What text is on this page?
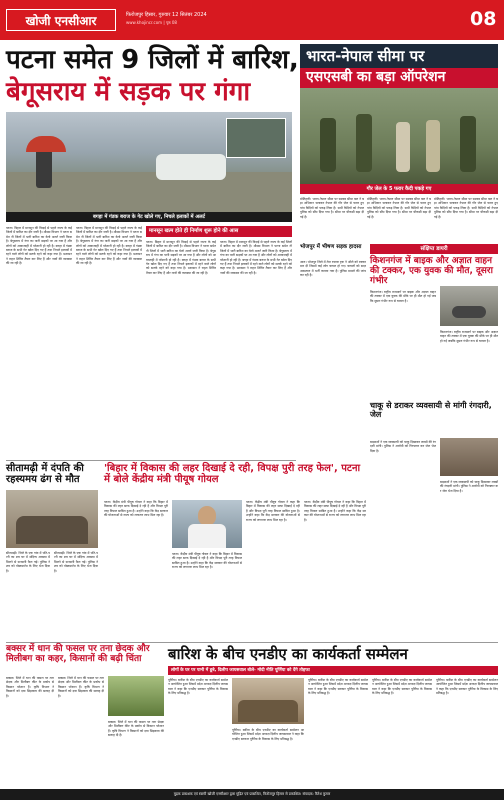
खोजी एनसीआर	फिरोजपुर हिसार, गुरुवार 12 सितंबर 2024
www.khojincr.com | पृष्ठ 08	08
पटना समेत 9 जिलों में बारिश,
बेगूसराय में सड़क पर गंगा
बगहा में गंडक बराज के गेट खोले गए, निचले इलाकों में अलर्ट
पटना। बिहार में मानसून की विदाई से पहले राज्य के कई जिलों में बारिश का दौर जारी है। मौसम विभाग ने पटना समेत नौ जिलों में भारी बारिश का येलो अलर्ट जारी किया है। बेगूसराय में गंगा का पानी सड़कों पर आ गया है और लोगों को आवाजाही में परेशानी हो रही है। बगहा में गंडक बराज के सभी गेट खोल दिए गए हैं तथा निचले इलाकों में रहने वाले लोगों को सतर्क रहने को कहा गया है। प्रशासन ने राहत शिविर तैयार कर लिए हैं और नावों की व्यवस्था की जा रही है।
पटना। बिहार में मानसून की विदाई से पहले राज्य के कई जिलों में बारिश का दौर जारी है। मौसम विभाग ने पटना समेत नौ जिलों में भारी बारिश का येलो अलर्ट जारी किया है। बेगूसराय में गंगा का पानी सड़कों पर आ गया है और लोगों को आवाजाही में परेशानी हो रही है। बगहा में गंडक बराज के सभी गेट खोल दिए गए हैं तथा निचले इलाकों में रहने वाले लोगों को सतर्क रहने को कहा गया है। प्रशासन ने राहत शिविर तैयार कर लिए हैं और नावों की व्यवस्था की जा रही है।
मानसून खत्म होते ही निर्माण शुरू होने की आस
पटना। बिहार में मानसून की विदाई से पहले राज्य के कई जिलों में बारिश का दौर जारी है। मौसम विभाग ने पटना समेत नौ जिलों में भारी बारिश का येलो अलर्ट जारी किया है। बेगूसराय में गंगा का पानी सड़कों पर आ गया है और लोगों को आवाजाही में परेशानी हो रही है। बगहा में गंडक बराज के सभी गेट खोल दिए गए हैं तथा निचले इलाकों में रहने वाले लोगों को सतर्क रहने को कहा गया है। प्रशासन ने राहत शिविर तैयार कर लिए हैं और नावों की व्यवस्था की जा रही है।
पटना। बिहार में मानसून की विदाई से पहले राज्य के कई जिलों में बारिश का दौर जारी है। मौसम विभाग ने पटना समेत नौ जिलों में भारी बारिश का येलो अलर्ट जारी किया है। बेगूसराय में गंगा का पानी सड़कों पर आ गया है और लोगों को आवाजाही में परेशानी हो रही है। बगहा में गंडक बराज के सभी गेट खोल दिए गए हैं तथा निचले इलाकों में रहने वाले लोगों को सतर्क रहने को कहा गया है। प्रशासन ने राहत शिविर तैयार कर लिए हैं और नावों की व्यवस्था की जा रही है।
भारत-नेपाल सीमा पर
एसएसबी का बड़ा ऑपरेशन
गौर जेल के 5 फरार कैदी पकड़े गए
मोतिहारी। भारत-नेपाल सीमा पर सशस्त्र सीमा बल ने बड़ा अभियान चलाकर नेपाल की गौर जेल से फरार हुए पांच कैदियों को पकड़ लिया है। सभी कैदियों को नेपाल पुलिस को सौंप दिया गया है। सीमा पर चौकसी बढ़ा दी गई है।
मोतिहारी। भारत-नेपाल सीमा पर सशस्त्र सीमा बल ने बड़ा अभियान चलाकर नेपाल की गौर जेल से फरार हुए पांच कैदियों को पकड़ लिया है। सभी कैदियों को नेपाल पुलिस को सौंप दिया गया है। सीमा पर चौकसी बढ़ा दी गई है।
मोतिहारी। भारत-नेपाल सीमा पर सशस्त्र सीमा बल ने बड़ा अभियान चलाकर नेपाल की गौर जेल से फरार हुए पांच कैदियों को पकड़ लिया है। सभी कैदियों को नेपाल पुलिस को सौंप दिया गया है। सीमा पर चौकसी बढ़ा दी गई है।
भोजपुर में भीषण सड़क हादसा
आरा। भोजपुर जिले में तेज रफ्तार ट्रक ने ऑटो को टक्कर मार दी जिसमें कई लोग घायल हो गए। घायलों को सदर अस्पताल में भर्ती कराया गया है। पुलिस मामले की जांच कर रही है।
संक्षिप्त डायरी
किशनगंज में बाइक और अज्ञात वाहन की टक्कर, एक युवक की मौत, दूसरा गंभीर
किशनगंज। राष्ट्रीय राजमार्ग पर बाइक और अज्ञात वाहन की टक्कर में एक युवक की मौके पर ही मौत हो गई जबकि दूसरा गंभीर रूप से घायल है।
किशनगंज। राष्ट्रीय राजमार्ग पर बाइक और अज्ञात वाहन की टक्कर में एक युवक की मौके पर ही मौत हो गई जबकि दूसरा गंभीर रूप से घायल है।
चाकू से डराकर व्यवसायी से मांगी रंगदारी, जेल
बदमाशों ने एक व्यवसायी को चाकू दिखाकर लाखों की रंगदारी मांगी। पुलिस ने आरोपी को गिरफ्तार कर जेल भेज दिया है।
बदमाशों ने एक व्यवसायी को चाकू दिखाकर लाखों की रंगदारी मांगी। पुलिस ने आरोपी को गिरफ्तार कर जेल भेज दिया है।
सीतामढ़ी में दंपति की रहस्यमय ढंग से मौत
सीतामढ़ी। जिले के एक गांव में पति-पत्नी का शव घर में संदिग्ध अवस्था में मिलने से सनसनी फैल गई। पुलिस ने शव को पोस्टमार्टम के लिए भेज दिया है।
सीतामढ़ी। जिले के एक गांव में पति-पत्नी का शव घर में संदिग्ध अवस्था में मिलने से सनसनी फैल गई। पुलिस ने शव को पोस्टमार्टम के लिए भेज दिया है।
'बिहार में विकास की लहर दिखाई दे रही, विपक्ष पुरी तरह फेल', पटना में बोले केंद्रीय मंत्री पीयूष गोयल
पटना। केंद्रीय मंत्री पीयूष गोयल ने कहा कि बिहार में विकास की लहर साफ दिखाई दे रही है और विपक्ष पूरी तरह विफल साबित हुआ है। उन्होंने कहा कि केंद्र सरकार की योजनाओं से राज्य को लगातार लाभ मिल रहा है।
पटना। केंद्रीय मंत्री पीयूष गोयल ने कहा कि बिहार में विकास की लहर साफ दिखाई दे रही है और विपक्ष पूरी तरह विफल साबित हुआ है। उन्होंने कहा कि केंद्र सरकार की योजनाओं से राज्य को लगातार लाभ मिल रहा है।
पटना। केंद्रीय मंत्री पीयूष गोयल ने कहा कि बिहार में विकास की लहर साफ दिखाई दे रही है और विपक्ष पूरी तरह विफल साबित हुआ है। उन्होंने कहा कि केंद्र सरकार की योजनाओं से राज्य को लगातार लाभ मिल रहा है।
पटना। केंद्रीय मंत्री पीयूष गोयल ने कहा कि बिहार में विकास की लहर साफ दिखाई दे रही है और विपक्ष पूरी तरह विफल साबित हुआ है। उन्होंने कहा कि केंद्र सरकार की योजनाओं से राज्य को लगातार लाभ मिल रहा है।
बक्सर में धान की फसल पर तना छेदक और मिलीबग का कहर, किसानों की बढ़ी चिंता
बक्सर। जिले में धान की फसल पर तना छेदक और मिलीबग कीट के प्रकोप से किसान परेशान हैं। कृषि विभाग ने किसानों को दवा छिड़काव की सलाह दी है।
बक्सर। जिले में धान की फसल पर तना छेदक और मिलीबग कीट के प्रकोप से किसान परेशान हैं। कृषि विभाग ने किसानों को दवा छिड़काव की सलाह दी है।
बक्सर। जिले में धान की फसल पर तना छेदक और मिलीबग कीट के प्रकोप से किसान परेशान हैं। कृषि विभाग ने किसानों को दवा छिड़काव की सलाह दी है।
बारिश के बीच एनडीए का कार्यकर्ता सम्मेलन
लोगों के घर पर पानी में डूबे, दिलीप जायसवाल बोले- मोदी नीति पूर्णिया को देंगे तोहफा
पूर्णिया। बारिश के बीच एनडीए का कार्यकर्ता सम्मेलन आयोजित हुआ जिसमें प्रदेश अध्यक्ष दिलीप जायसवाल ने कहा कि एनडीए सरकार पूर्णिया के विकास के लिए प्रतिबद्ध है।
पूर्णिया। बारिश के बीच एनडीए का कार्यकर्ता सम्मेलन आयोजित हुआ जिसमें प्रदेश अध्यक्ष दिलीप जायसवाल ने कहा कि एनडीए सरकार पूर्णिया के विकास के लिए प्रतिबद्ध है।
पूर्णिया। बारिश के बीच एनडीए का कार्यकर्ता सम्मेलन आयोजित हुआ जिसमें प्रदेश अध्यक्ष दिलीप जायसवाल ने कहा कि एनडीए सरकार पूर्णिया के विकास के लिए प्रतिबद्ध है।
पूर्णिया। बारिश के बीच एनडीए का कार्यकर्ता सम्मेलन आयोजित हुआ जिसमें प्रदेश अध्यक्ष दिलीप जायसवाल ने कहा कि एनडीए सरकार पूर्णिया के विकास के लिए प्रतिबद्ध है।
पूर्णिया। बारिश के बीच एनडीए का कार्यकर्ता सम्मेलन आयोजित हुआ जिसमें प्रदेश अध्यक्ष दिलीप जायसवाल ने कहा कि एनडीए सरकार पूर्णिया के विकास के लिए प्रतिबद्ध है।
मुद्रक प्रकाशक एवं स्वामी खोजी एनसीआर द्वारा मुद्रित एवं प्रकाशित, फिरोजपुर हिसार से प्रकाशित। संपादक: रितेश कुमार
